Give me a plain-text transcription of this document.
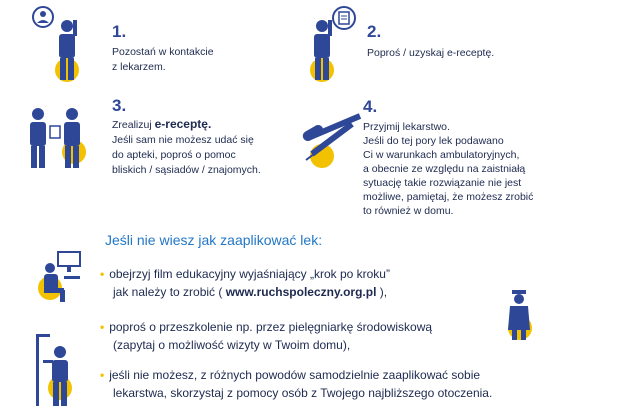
1.
Pozostań w kontakcie
z lekarzem.
2.
Poproś / uzyskaj e-receptę.
3.
Zrealizuj e-receptę.
Jeśli sam nie możesz udać się
do apteki, poproś o pomoc
bliskich / sąsiadów / znajomych.
4.
Przyjmij lekarstwo.
Jeśli do tej pory lek podawano
Ci w warunkach ambulatoryjnych,
a obecnie ze względu na zaistniałą
sytuację takie rozwiązanie nie jest
możliwe, pamiętaj, że możesz zrobić
to również w domu.
Jeśli nie wiesz jak zaaplikować lek:
• obejrzyj film edukacyjny wyjaśniający „krok po kroku”
jak należy to zrobić ( www.ruchspoleczny.org.pl ),
• poproś o przeszkolenie np. przez pielęgniarkę środowiskową
(zapytaj o możliwość wizyty w Twoim domu),
• jeśli nie możesz, z różnych powodów samodzielnie zaaplikować sobie
lekarstwa, skorzystaj z pomocy osób z Twojego najbliższego otoczenia.
